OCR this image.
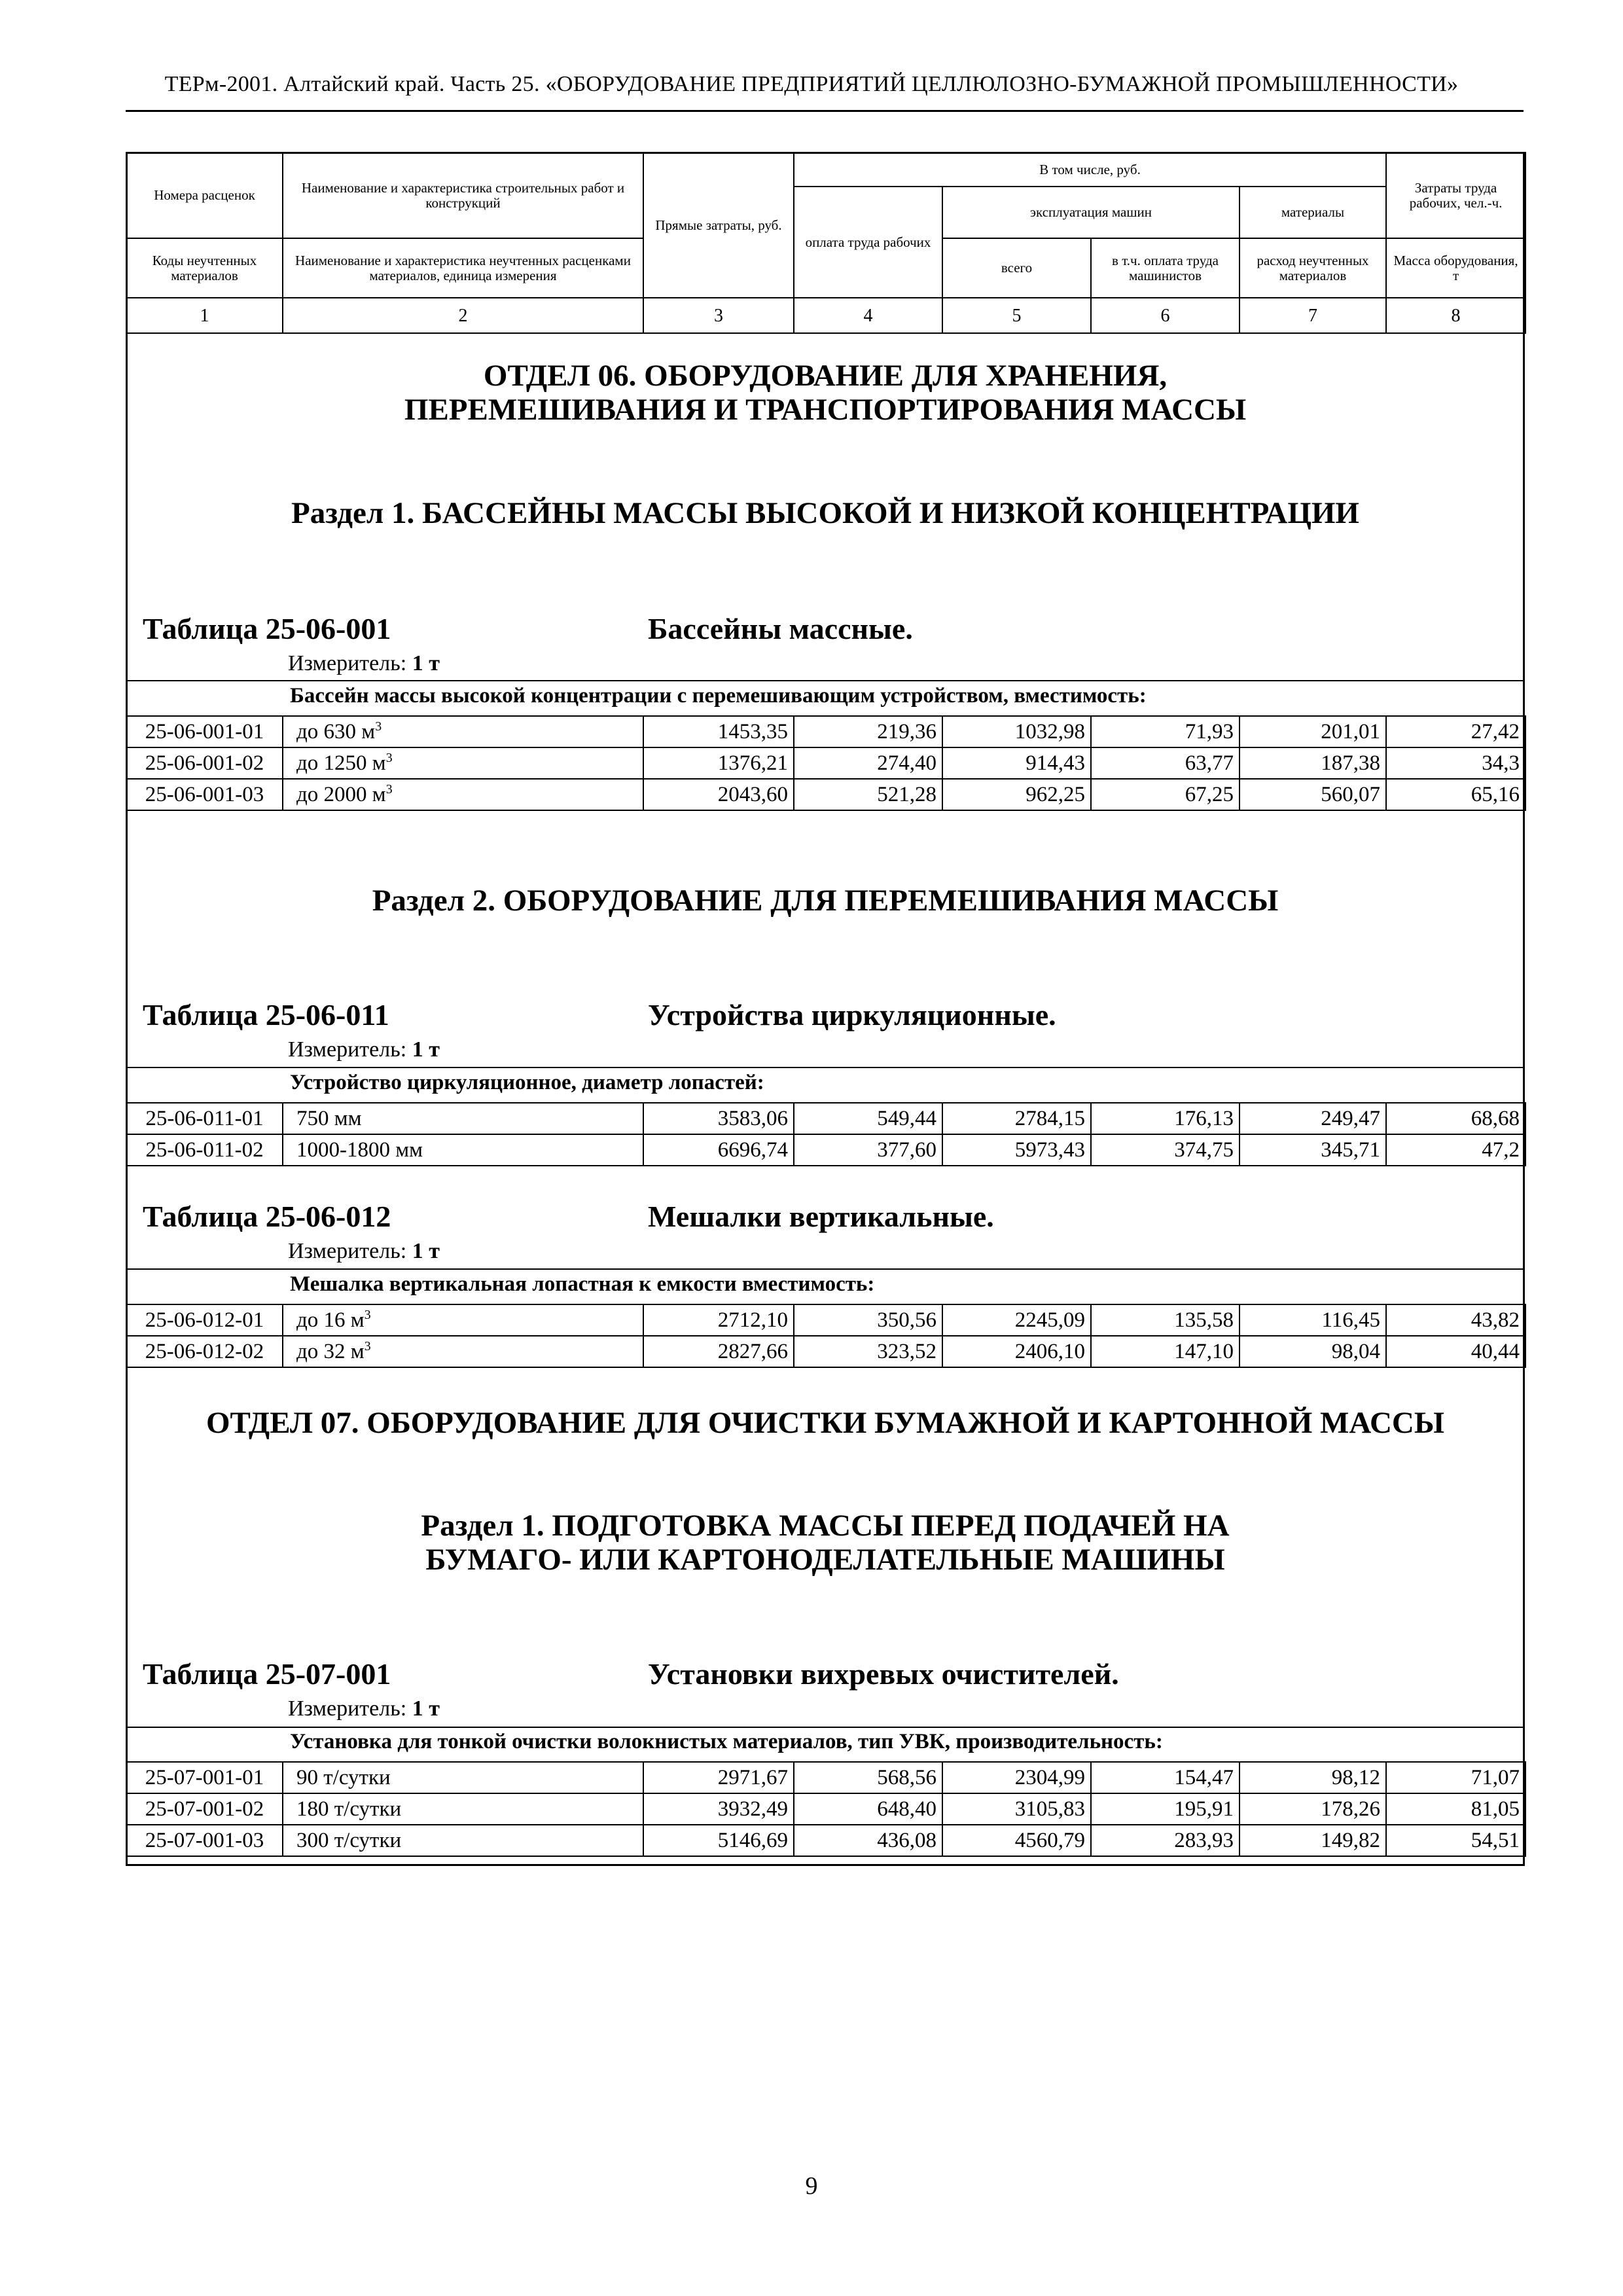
ТЕРм-2001. Алтайский край. Часть 25. «ОБОРУДОВАНИЕ ПРЕДПРИЯТИЙ ЦЕЛЛЮЛОЗНО-БУМАЖНОЙ ПРОМЫШЛЕННОСТИ»
Номера расценок	Наименование и характеристика строительных работ и конструкций	Прямые затраты, руб.	В том числе, руб.				Затраты труда рабочих, чел.-ч.
			оплата труда рабочих	эксплуатация машин		материалы	
Коды неучтенных материалов	Наименование и характеристика неучтенных расценками материалов, единица измерения			всего	в т.ч. оплата труда машинистов	расход неучтенных материалов	Масса оборудования, т
1	2	3	4	5	6	7	8
ОТДЕЛ 06. ОБОРУДОВАНИЕ ДЛЯ ХРАНЕНИЯ, ПЕРЕМЕШИВАНИЯ И ТРАНСПОРТИРОВАНИЯ МАССЫ
Раздел 1. БАССЕЙНЫ МАССЫ ВЫСОКОЙ И НИЗКОЙ КОНЦЕНТРАЦИИ
Таблица 25-06-001	Бассейны массные.
Измеритель: 1 т
Бассейн массы высокой концентрации с перемешивающим устройством, вместимость:
25-06-001-01	до 630 $м^3$	1453,35	219,36	1032,98	71,93	201,01	27,42
25-06-001-02	до 1250 $м^3$	1376,21	274,40	914,43	63,77	187,38	34,3
25-06-001-03	до 2000 $м^3$	2043,60	521,28	962,25	67,25	560,07	65,16
Раздел 2. ОБОРУДОВАНИЕ ДЛЯ ПЕРЕМЕШИВАНИЯ МАССЫ
Таблица 25-06-011	Устройства циркуляционные.
Измеритель: 1 т
Устройство циркуляционное, диаметр лопастей:
25-06-011-01	750 мм	3583,06	549,44	2784,15	176,13	249,47	68,68
25-06-011-02	1000-1800 мм	6696,74	377,60	5973,43	374,75	345,71	47,2
Таблица 25-06-012	Мешалки вертикальные.
Измеритель: 1 т
Мешалка вертикальная лопастная к емкости вместимость:
25-06-012-01	до 16 $м^3$	2712,10	350,56	2245,09	135,58	116,45	43,82
25-06-012-02	до 32 $м^3$	2827,66	323,52	2406,10	147,10	98,04	40,44
ОТДЕЛ 07. ОБОРУДОВАНИЕ ДЛЯ ОЧИСТКИ БУМАЖНОЙ И КАРТОННОЙ МАССЫ
Раздел 1. ПОДГОТОВКА МАССЫ ПЕРЕД ПОДАЧЕЙ НА БУМАГО- ИЛИ КАРТОНОДЕЛАТЕЛЬНЫЕ МАШИНЫ
Таблица 25-07-001	Установки вихревых очистителей.
Измеритель: 1 т
Установка для тонкой очистки волокнистых материалов, тип УВК, производительность:
25-07-001-01	90 т/сутки	2971,67	568,56	2304,99	154,47	98,12	71,07
25-07-001-02	180 т/сутки	3932,49	648,40	3105,83	195,91	178,26	81,05
25-07-001-03	300 т/сутки	5146,69	436,08	4560,79	283,93	149,82	54,51
9
